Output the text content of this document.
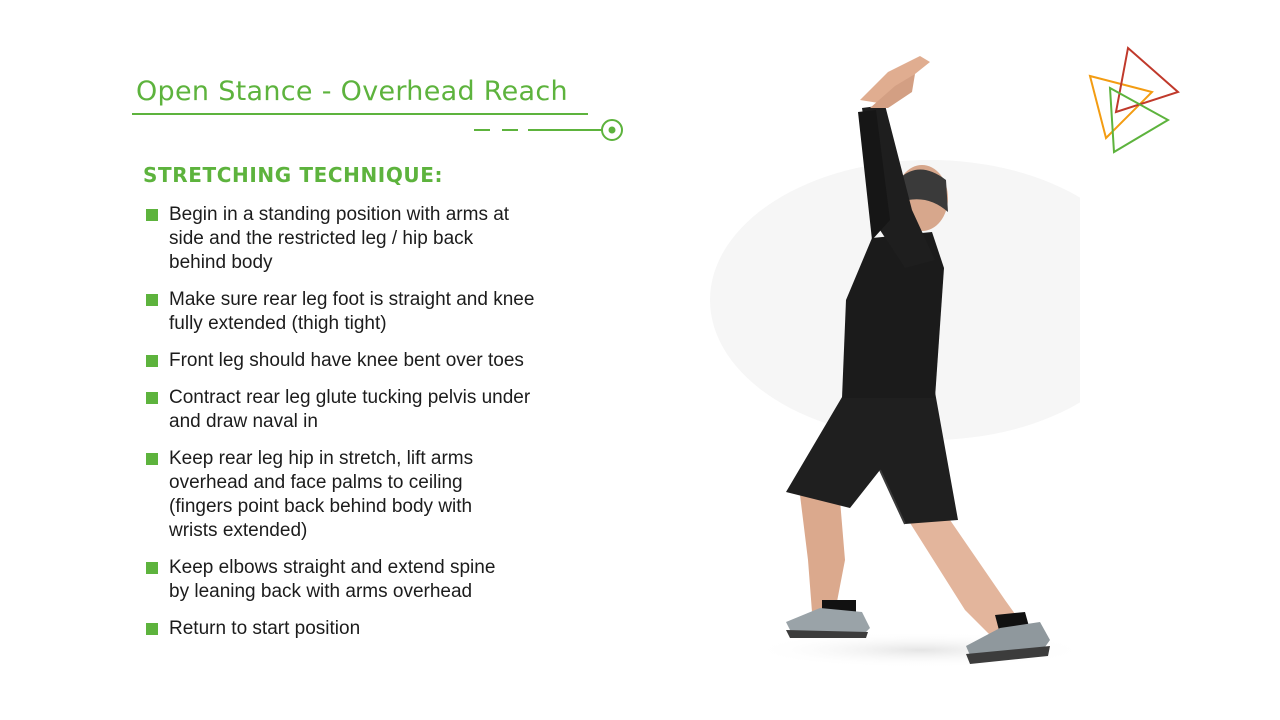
Open Stance - Overhead Reach
STRETCHING TECHNIQUE:
Begin in a standing position with arms at
side and the restricted leg / hip back
behind body
Make sure rear leg foot is straight and knee
fully extended (thigh tight)
Front leg should have knee bent over toes
Contract rear leg glute tucking pelvis under
and draw naval in
Keep rear leg hip in stretch, lift arms
overhead and face palms to ceiling
(fingers point back behind body with
wrists extended)
Keep elbows straight and extend spine
by leaning back with arms overhead
Return to start position
